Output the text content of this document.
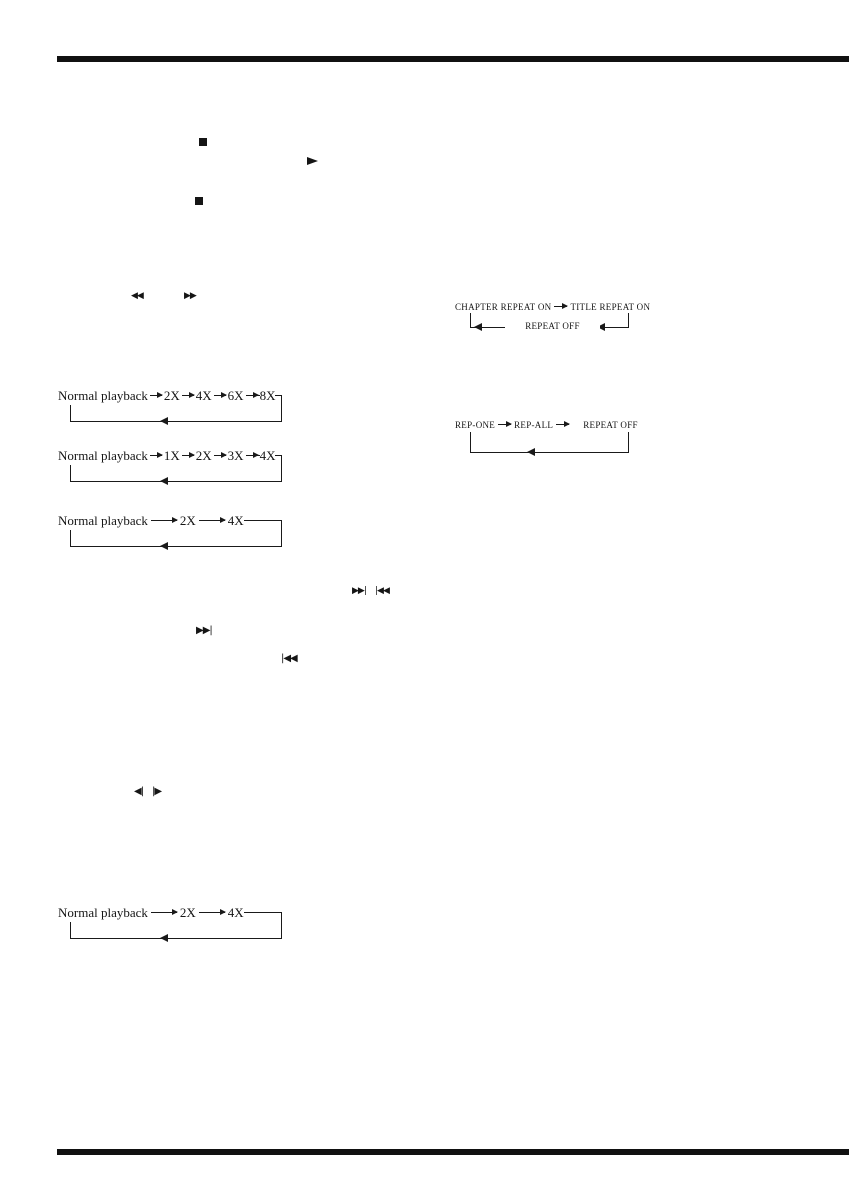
◀◀	▶▶
CHAPTER REPEAT ON TITLE REPEAT ON
REPEAT OFF
Normal playback 2X 4X 6X 8X
REP-ONE REP-ALL	REPEAT OFF
Normal playback 1X 2X 3X 4X
Normal playback 2X 4X
▶▶| |◀◀
▶▶|
|◀◀
◀| |▶
Normal playback 2X 4X
